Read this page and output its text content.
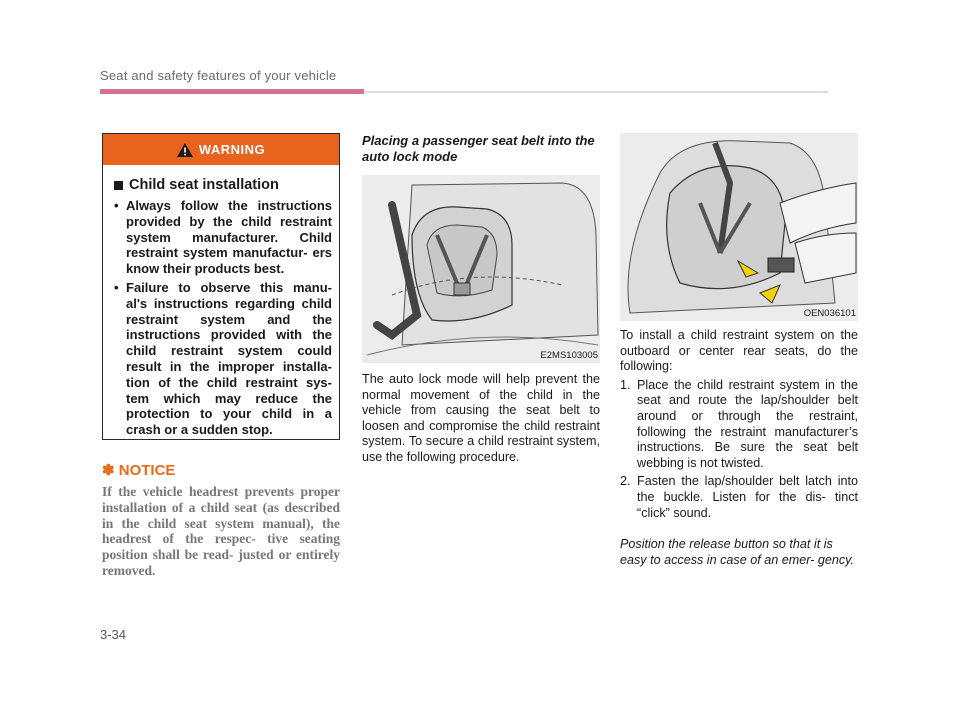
Seat and safety features of your vehicle
WARNING
Child seat installation
• Always follow the instructions provided by the child restraint system manufacturer. Child restraint system manufactur- ers know their products best.
• Failure to observe this manu- al's instructions regarding child restraint system and the instructions provided with the child restraint system could result in the improper installa- tion of the child restraint sys- tem which may reduce the protection to your child in a crash or a sudden stop.
✽ NOTICE
If the vehicle headrest prevents proper installation of a child seat (as described in the child seat system manual), the headrest of the respec- tive seating position shall be read- justed or entirely removed.
Placing a passenger seat belt into the auto lock mode
E2MS103005
The auto lock mode will help prevent the normal movement of the child in the vehicle from causing the seat belt to loosen and compromise the child restraint system. To secure a child restraint system, use the following procedure.
OEN036101
To install a child restraint system on the outboard or center rear seats, do the following:
1. Place the child restraint system in the seat and route the lap/shoulder belt around or through the restraint, following the restraint manufacturer’s instructions. Be sure the seat belt webbing is not twisted.
2. Fasten the lap/shoulder belt latch into the buckle. Listen for the dis- tinct “click” sound.
Position the release button so that it is easy to access in case of an emer- gency.
3-34
